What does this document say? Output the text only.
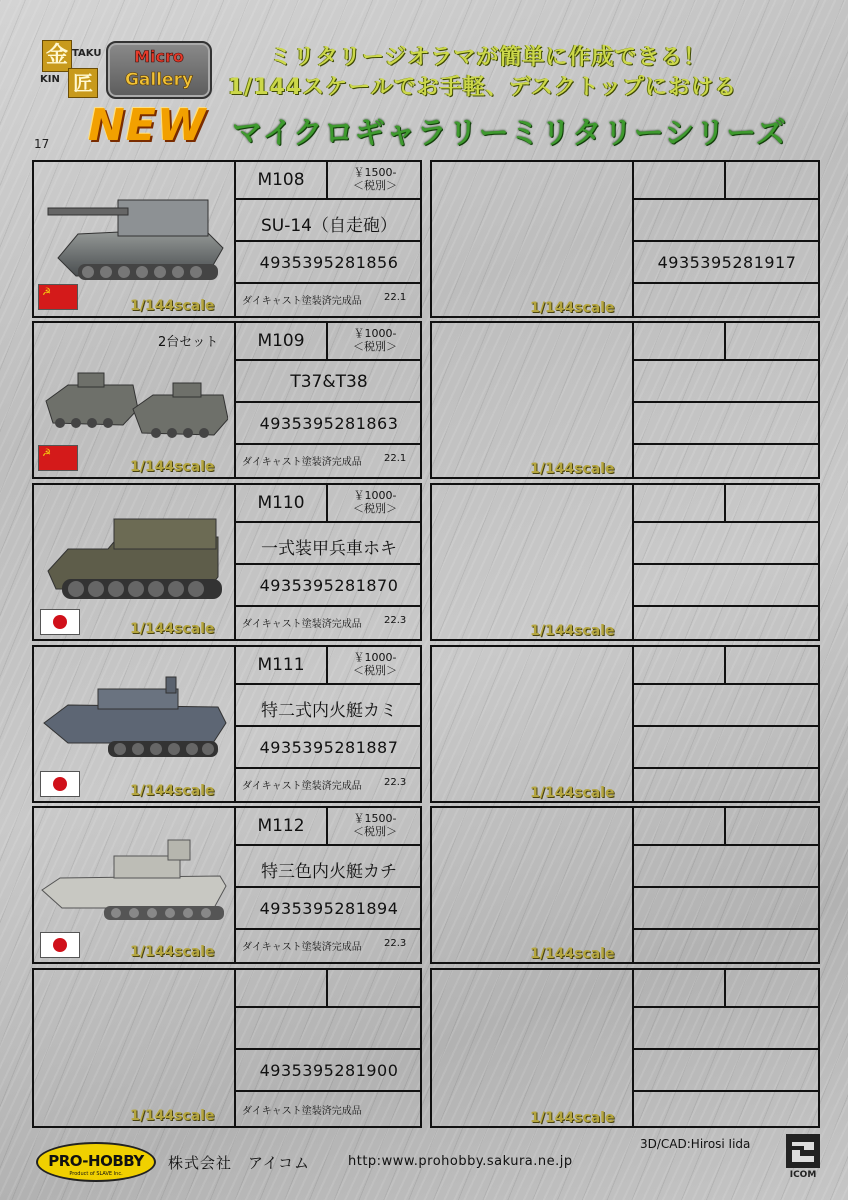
金 TAKU
KIN 匠
Micro
Gallery
ミリタリージオラマが簡単に作成できる！
1/144スケールでお手軽、デスクトップにおける
NEW マイクロギャラリーミリタリーシリーズ
17
☭
1/144scale
M108	￥1500-
＜税別＞
SU-14（自走砲）
4935395281856
ダイキャスト塗装済完成品 22.1
2台セット
☭
1/144scale
M109	￥1000-
＜税別＞
T37&T38
4935395281863
ダイキャスト塗装済完成品 22.1
1/144scale
M110	￥1000-
＜税別＞
一式装甲兵車ホキ
4935395281870
ダイキャスト塗装済完成品 22.3
1/144scale
M111	￥1000-
＜税別＞
特二式内火艇カミ
4935395281887
ダイキャスト塗装済完成品 22.3
1/144scale
M112	￥1500-
＜税別＞
特三色内火艇カチ
4935395281894
ダイキャスト塗装済完成品 22.3
1/144scale
4935395281900
ダイキャスト塗装済完成品
1/144scale
4935395281917
1/144scale
1/144scale
1/144scale
1/144scale
1/144scale
PRO-HOBBY
Product of SLAVE Inc.
株式会社　アイコム	http:www.prohobby.sakura.ne.jp
3D/CAD:Hirosi Iida
ICOM
